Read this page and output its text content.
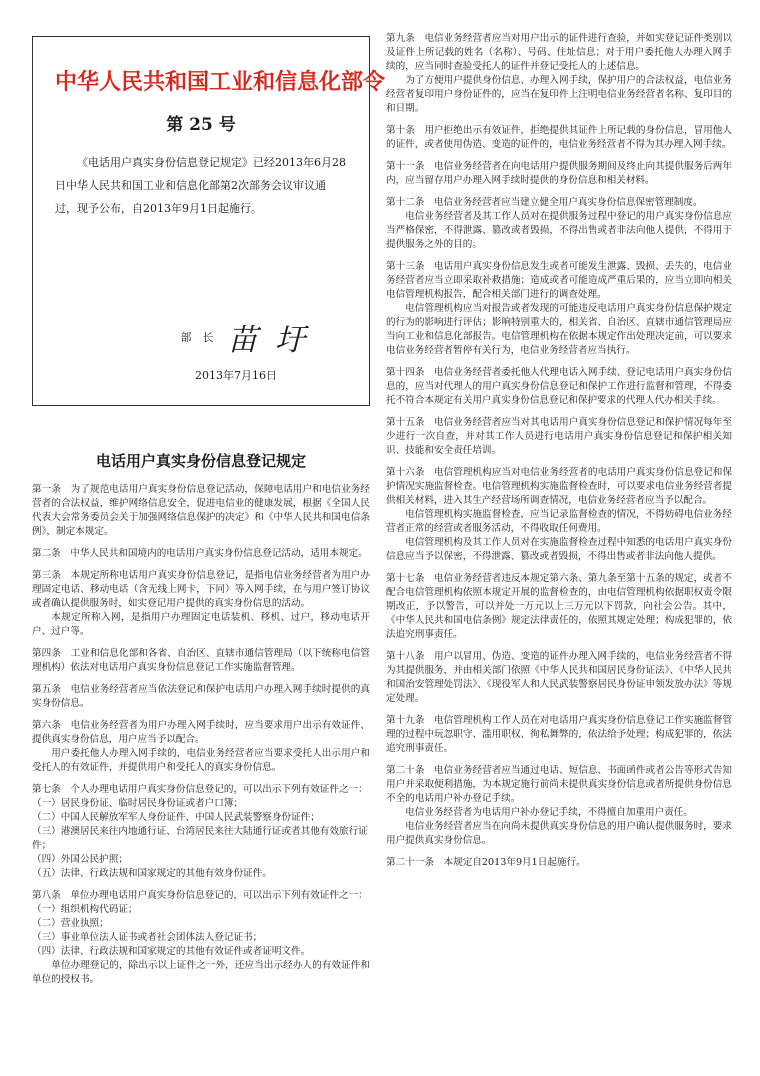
中华人民共和国工业和信息化部令
第 25 号
《电话用户真实身份信息登记规定》已经2013年6月28日中华人民共和国工业和信息化部第2次部务会议审议通过，现予公布，自2013年9月1日起施行。
部　长 苗 圩
2013年7月16日
电话用户真实身份信息登记规定
第一条　为了规范电话用户真实身份信息登记活动，保障电话用户和电信业务经营者的合法权益，维护网络信息安全，促进电信业的健康发展，根据《全国人民代表大会常务委员会关于加强网络信息保护的决定》和《中华人民共和国电信条例》，制定本规定。
第二条　中华人民共和国境内的电话用户真实身份信息登记活动，适用本规定。
第三条　本规定所称电话用户真实身份信息登记，是指电信业务经营者为用户办理固定电话、移动电话（含无线上网卡，下同）等入网手续，在与用户签订协议或者确认提供服务时，如实登记用户提供的真实身份信息的活动。
本规定所称入网，是指用户办理固定电话装机、移机、过户，移动电话开户、过户等。
第四条　工业和信息化部和各省、自治区、直辖市通信管理局（以下统称电信管理机构）依法对电话用户真实身份信息登记工作实施监督管理。
第五条　电信业务经营者应当依法登记和保护电话用户办理入网手续时提供的真实身份信息。
第六条　电信业务经营者为用户办理入网手续时，应当要求用户出示有效证件、提供真实身份信息，用户应当予以配合。
用户委托他人办理入网手续的，电信业务经营者应当要求受托人出示用户和受托人的有效证件，并提供用户和受托人的真实身份信息。
第七条　个人办理电话用户真实身份信息登记的，可以出示下列有效证件之一：
（一）居民身份证、临时居民身份证或者户口簿；
（二）中国人民解放军军人身份证件、中国人民武装警察身份证件；
（三）港澳居民来往内地通行证、台湾居民来往大陆通行证或者其他有效旅行证件；
（四）外国公民护照；
（五）法律、行政法规和国家规定的其他有效身份证件。
第八条　单位办理电话用户真实身份信息登记的，可以出示下列有效证件之一：
（一）组织机构代码证；
（二）营业执照；
（三）事业单位法人证书或者社会团体法人登记证书；
（四）法律、行政法规和国家规定的其他有效证件或者证明文件。
单位办理登记的，除出示以上证件之一外，还应当出示经办人的有效证件和单位的授权书。
第九条　电信业务经营者应当对用户出示的证件进行查验，并如实登记证件类别以及证件上所记载的姓名（名称）、号码、住址信息；对于用户委托他人办理入网手续的，应当同时查验受托人的证件并登记受托人的上述信息。
为了方便用户提供身份信息、办理入网手续，保护用户的合法权益，电信业务经营者复印用户身份证件的，应当在复印件上注明电信业务经营者名称、复印目的和日期。
第十条　用户拒绝出示有效证件，拒绝提供其证件上所记载的身份信息，冒用他人的证件，或者使用伪造、变造的证件的，电信业务经营者不得为其办理入网手续。
第十一条　电信业务经营者在向电话用户提供服务期间及终止向其提供服务后两年内，应当留存用户办理入网手续时提供的身份信息和相关材料。
第十二条　电信业务经营者应当建立健全用户真实身份信息保密管理制度。
电信业务经营者及其工作人员对在提供服务过程中登记的用户真实身份信息应当严格保密，不得泄露、篡改或者毁损，不得出售或者非法向他人提供，不得用于提供服务之外的目的。
第十三条　电话用户真实身份信息发生或者可能发生泄露、毁损、丢失的，电信业务经营者应当立即采取补救措施；造成或者可能造成严重后果的，应当立即向相关电信管理机构报告，配合相关部门进行的调查处理。
电信管理机构应当对报告或者发现的可能违反电话用户真实身份信息保护规定的行为的影响进行评估；影响特别重大的，相关省、自治区、直辖市通信管理局应当向工业和信息化部报告。电信管理机构在依据本规定作出处理决定前，可以要求电信业务经营者暂停有关行为，电信业务经营者应当执行。
第十四条　电信业务经营者委托他人代理电话入网手续、登记电话用户真实身份信息的，应当对代理人的用户真实身份信息登记和保护工作进行监督和管理，不得委托不符合本规定有关用户真实身份信息登记和保护要求的代理人代办相关手续。
第十五条　电信业务经营者应当对其电话用户真实身份信息登记和保护情况每年至少进行一次自查，并对其工作人员进行电话用户真实身份信息登记和保护相关知识、技能和安全责任培训。
第十六条　电信管理机构应当对电信业务经营者的电话用户真实身份信息登记和保护情况实施监督检查。电信管理机构实施监督检查时，可以要求电信业务经营者提供相关材料，进入其生产经营场所调查情况，电信业务经营者应当予以配合。
电信管理机构实施监督检查，应当记录监督检查的情况，不得妨碍电信业务经营者正常的经营或者服务活动，不得收取任何费用。
电信管理机构及其工作人员对在实施监督检查过程中知悉的电话用户真实身份信息应当予以保密，不得泄露、篡改或者毁损，不得出售或者非法向他人提供。
第十七条　电信业务经营者违反本规定第六条、第九条至第十五条的规定，或者不配合电信管理机构依照本规定开展的监督检查的，由电信管理机构依据职权责令限期改正，予以警告，可以并处一万元以上三万元以下罚款，向社会公告。其中，《中华人民共和国电信条例》规定法律责任的，依照其规定处理；构成犯罪的，依法追究刑事责任。
第十八条　用户以冒用、伪造、变造的证件办理入网手续的，电信业务经营者不得为其提供服务，并由相关部门依照《中华人民共和国居民身份证法》、《中华人民共和国治安管理处罚法》、《现役军人和人民武装警察居民身份证申领发放办法》等规定处理。
第十九条　电信管理机构工作人员在对电话用户真实身份信息登记工作实施监督管理的过程中玩忽职守、滥用职权、徇私舞弊的，依法给予处理；构成犯罪的，依法追究刑事责任。
第二十条　电信业务经营者应当通过电话、短信息、书面函件或者公告等形式告知用户并采取便利措施，为本规定施行前尚未提供真实身份信息或者所提供身份信息不全的电话用户补办登记手续。
电信业务经营者为电话用户补办登记手续，不得擅自加重用户责任。
电信业务经营者应当在向尚未提供真实身份信息的用户确认提供服务时，要求用户提供真实身份信息。
第二十一条　本规定自2013年9月1日起施行。
